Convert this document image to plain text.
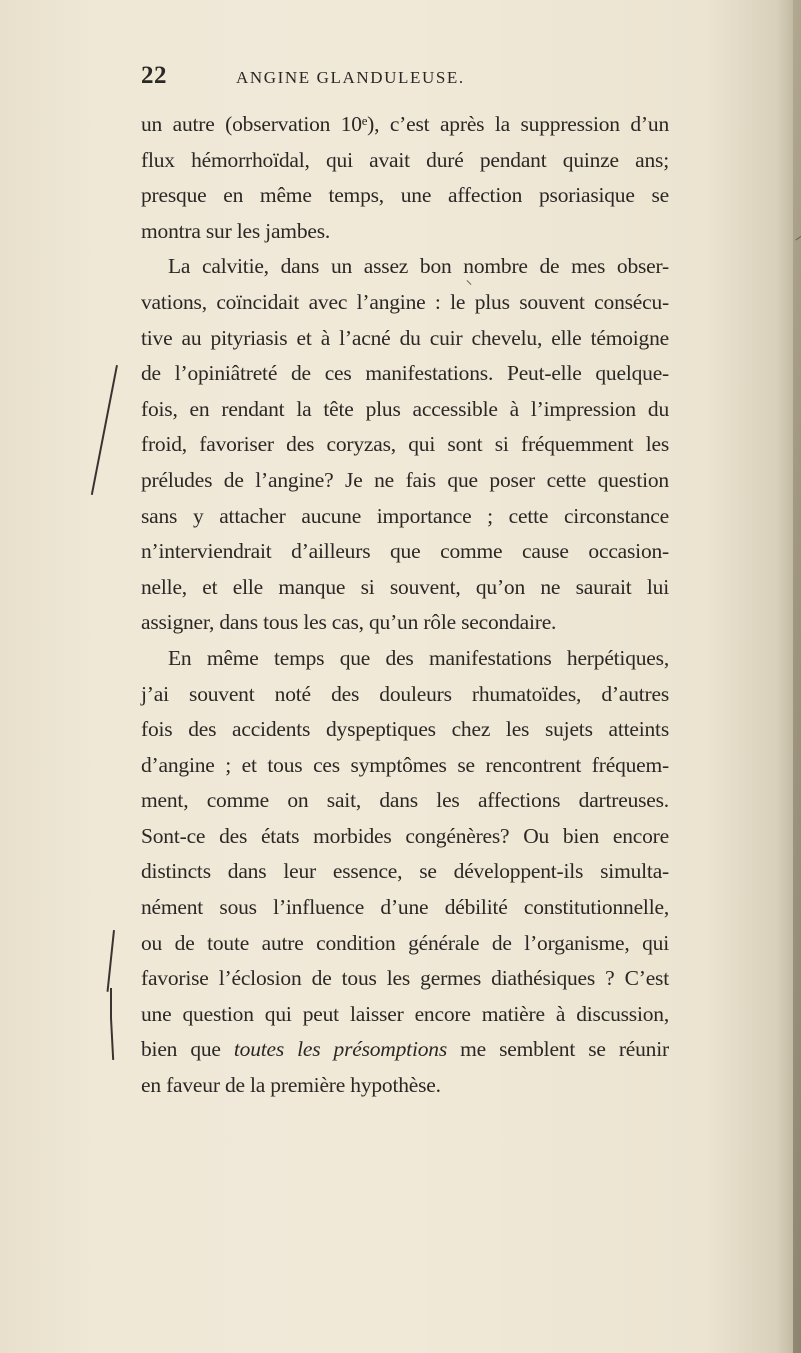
22	ANGINE GLANDULEUSE.
un autre (observation 10ᵉ), c’est après la suppression d’un
flux hémorrhoïdal, qui avait duré pendant quinze ans;
presque en même temps, une affection psoriasique se
montra sur les jambes.
La calvitie, dans un assez bon nombre de mes obser-
vations, coïncidait avec l’angine : le plus souvent consécu-
tive au pityriasis et à l’acné du cuir chevelu, elle témoigne
de l’opiniâtreté de ces manifestations. Peut-elle quelque-
fois, en rendant la tête plus accessible à l’impression du
froid, favoriser des coryzas, qui sont si fréquemment les
préludes de l’angine? Je ne fais que poser cette question
sans y attacher aucune importance ; cette circonstance
n’interviendrait d’ailleurs que comme cause occasion-
nelle, et elle manque si souvent, qu’on ne saurait lui
assigner, dans tous les cas, qu’un rôle secondaire.
En même temps que des manifestations herpétiques,
j’ai souvent noté des douleurs rhumatoïdes, d’autres
fois des accidents dyspeptiques chez les sujets atteints
d’angine ; et tous ces symptômes se rencontrent fréquem-
ment, comme on sait, dans les affections dartreuses.
Sont-ce des états morbides congénères? Ou bien encore
distincts dans leur essence, se développent-ils simulta-
nément sous l’influence d’une débilité constitutionnelle,
ou de toute autre condition générale de l’organisme, qui
favorise l’éclosion de tous les germes diathésiques ? C’est
une question qui peut laisser encore matière à discussion,
bien que toutes les présomptions me semblent se réunir
en faveur de la première hypothèse.
